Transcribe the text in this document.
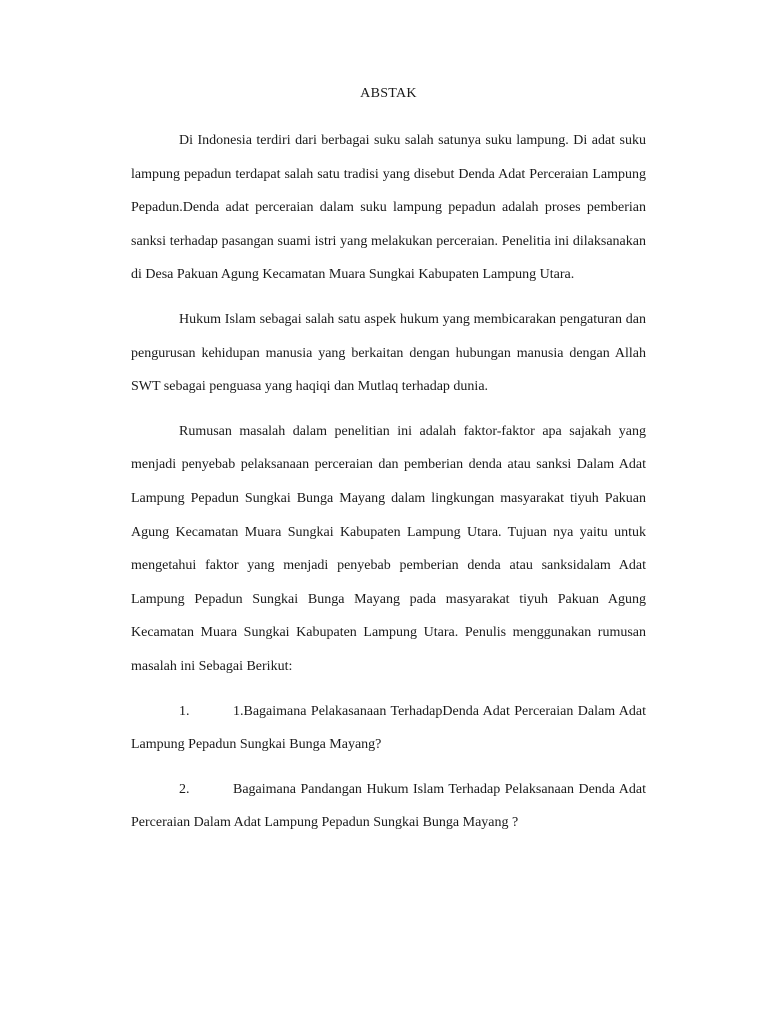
ABSTAK

Di Indonesia terdiri dari berbagai suku salah satunya suku lampung. Di adat suku lampung pepadun terdapat salah satu tradisi yang disebut Denda Adat Perceraian Lampung Pepadun.Denda adat perceraian dalam suku lampung pepadun adalah proses pemberian sanksi terhadap pasangan suami istri yang melakukan perceraian. Penelitia ini dilaksanakan di Desa Pakuan Agung Kecamatan Muara Sungkai Kabupaten Lampung Utara.

Hukum Islam sebagai salah satu aspek hukum yang membicarakan pengaturan dan pengurusan kehidupan manusia yang berkaitan dengan hubungan manusia dengan Allah SWT sebagai penguasa yang haqiqi dan Mutlaq terhadap dunia.

Rumusan masalah dalam penelitian ini adalah faktor-faktor apa sajakah yang menjadi penyebab pelaksanaan perceraian dan pemberian denda atau sanksi Dalam Adat Lampung Pepadun Sungkai Bunga Mayang dalam lingkungan masyarakat tiyuh Pakuan Agung Kecamatan Muara Sungkai Kabupaten Lampung Utara. Tujuan nya yaitu untuk mengetahui faktor yang menjadi penyebab pemberian denda atau sanksidalam Adat Lampung Pepadun Sungkai Bunga Mayang pada masyarakat tiyuh Pakuan Agung Kecamatan Muara Sungkai Kabupaten Lampung Utara. Penulis menggunakan rumusan masalah ini Sebagai Berikut:

1.	1.Bagaimana Pelakasanaan TerhadapDenda Adat Perceraian Dalam Adat Lampung Pepadun Sungkai Bunga Mayang?

2.	Bagaimana Pandangan Hukum Islam Terhadap Pelaksanaan Denda Adat Perceraian Dalam Adat Lampung Pepadun Sungkai Bunga Mayang ?
